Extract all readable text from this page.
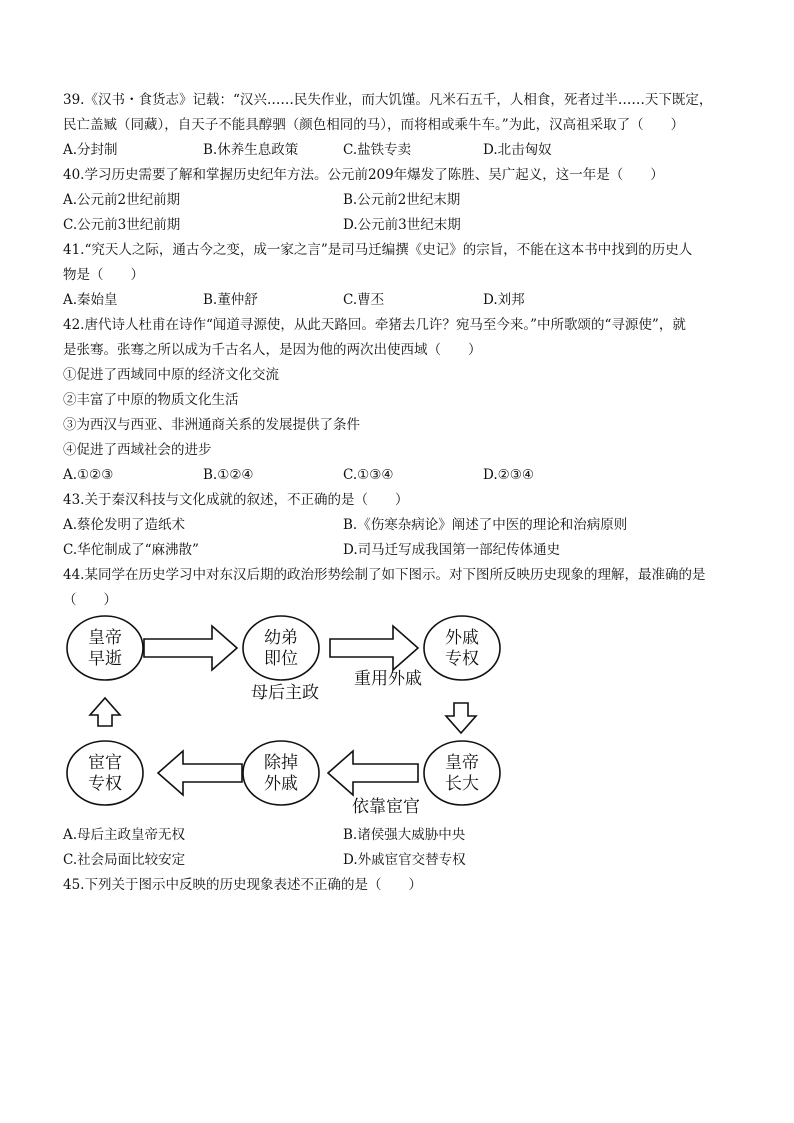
39.《汉书・食货志》记载：“汉兴……民失作业，而大饥馑。凡米石五千，人相食，死者过半……天下既定，
民亡盖臧（同藏），自天子不能具醇驷（颜色相同的马），而将相或乘牛车。”为此，汉高祖采取了（　　）
A.分封制	B.休养生息政策	C.盐铁专卖	D.北击匈奴
40.学习历史需要了解和掌握历史纪年方法。公元前209年爆发了陈胜、吴广起义，这一年是（　　）
A.公元前2世纪前期	B.公元前2世纪末期
C.公元前3世纪前期	D.公元前3世纪末期
41.“究天人之际，通古今之变，成一家之言”是司马迁编撰《史记》的宗旨，不能在这本书中找到的历史人
物是（　　）
A.秦始皇	B.董仲舒	C.曹丕	D.刘邦
42.唐代诗人杜甫在诗作“闻道寻源使，从此天路回。牵猪去几许？宛马至今来。”中所歌颂的“寻源使”，就
是张骞。张骞之所以成为千古名人，是因为他的两次出使西域（　　）
①促进了西域同中原的经济文化交流
②丰富了中原的物质文化生活
③为西汉与西亚、非洲通商关系的发展提供了条件
④促进了西域社会的进步
A.①②③	B.①②④	C.①③④	D.②③④
43.关于秦汉科技与文化成就的叙述，不正确的是（　　）
A.蔡伦发明了造纸术	B.《伤寒杂病论》阐述了中医的理论和治病原则
C.华佗制成了“麻沸散”	D.司马迁写成我国第一部纪传体通史
44.某同学在历史学习中对东汉后期的政治形势绘制了如下图示。对下图所反映历史现象的理解，最准确的是
（　　）
皇帝
早逝
幼弟
即位
外戚
专权
皇帝
长大
除掉
外戚
宦官
专权
母后主政
重用外戚
依靠宦官
A.母后主政皇帝无权	B.诸侯强大威胁中央
C.社会局面比较安定	D.外戚宦官交替专权
45.下列关于图示中反映的历史现象表述不正确的是（　　）
